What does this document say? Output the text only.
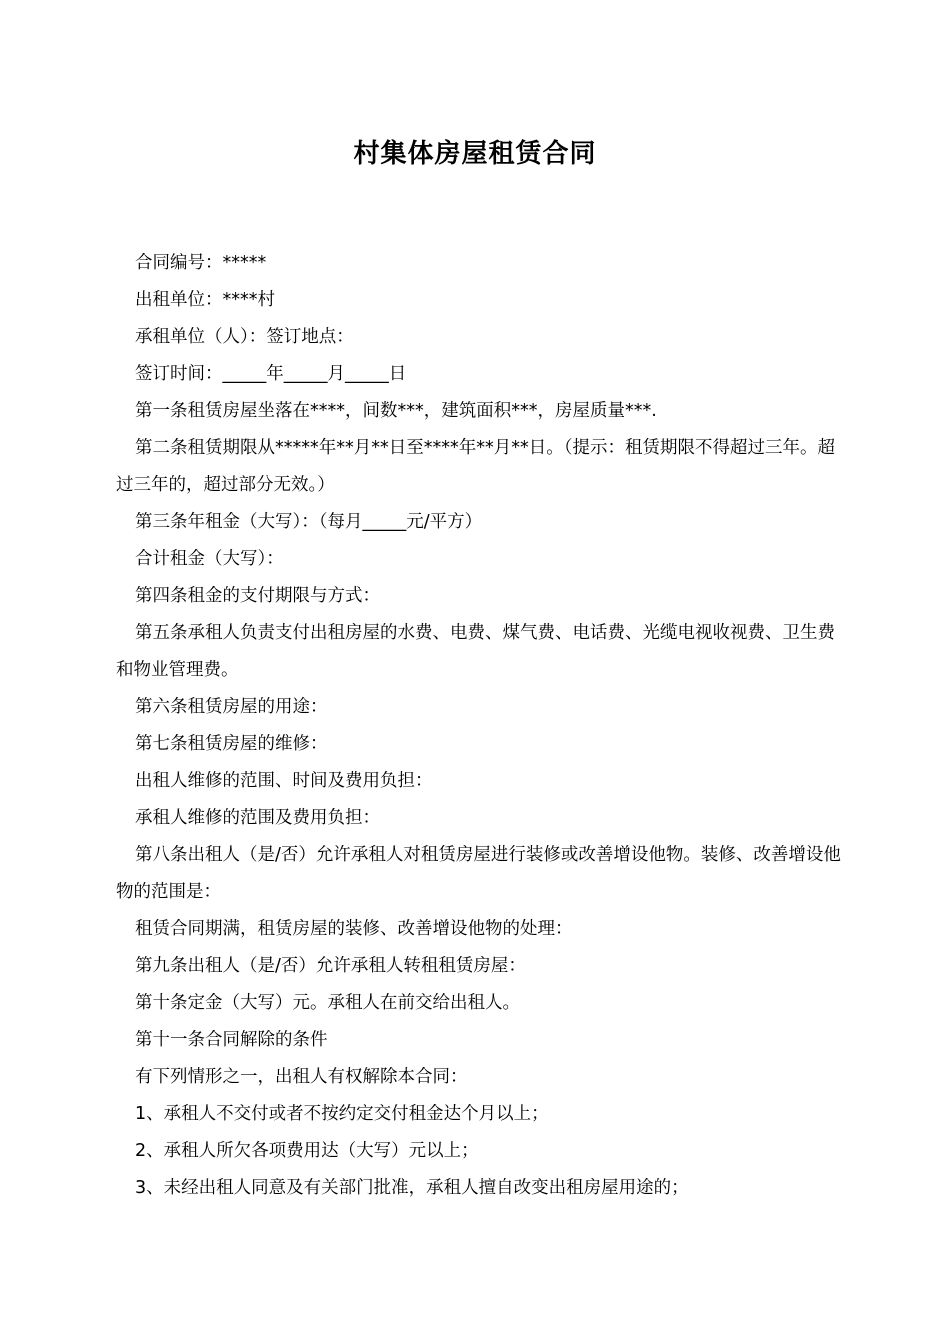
村集体房屋租赁合同

合同编号：*****

出租单位：****村

承租单位（人）：签订地点：

签订时间：_____年_____月_____日

第一条租赁房屋坐落在****，间数***，建筑面积***，房屋质量***.

第二条租赁期限从*****年**月**日至****年**月**日。（提示：租赁期限不得超过三年。超过三年的，超过部分无效。）

第三条年租金（大写）：（每月_____元/平方）

合计租金（大写）：

第四条租金的支付期限与方式：

第五条承租人负责支付出租房屋的水费、电费、煤气费、电话费、光缆电视收视费、卫生费和物业管理费。

第六条租赁房屋的用途：

第七条租赁房屋的维修：

出租人维修的范围、时间及费用负担：

承租人维修的范围及费用负担：

第八条出租人（是/否）允许承租人对租赁房屋进行装修或改善增设他物。装修、改善增设他物的范围是：

租赁合同期满，租赁房屋的装修、改善增设他物的处理：

第九条出租人（是/否）允许承租人转租租赁房屋：

第十条定金（大写）元。承租人在前交给出租人。

第十一条合同解除的条件

有下列情形之一，出租人有权解除本合同：

1、承租人不交付或者不按约定交付租金达个月以上；

2、承租人所欠各项费用达（大写）元以上；

3、未经出租人同意及有关部门批准，承租人擅自改变出租房屋用途的；
